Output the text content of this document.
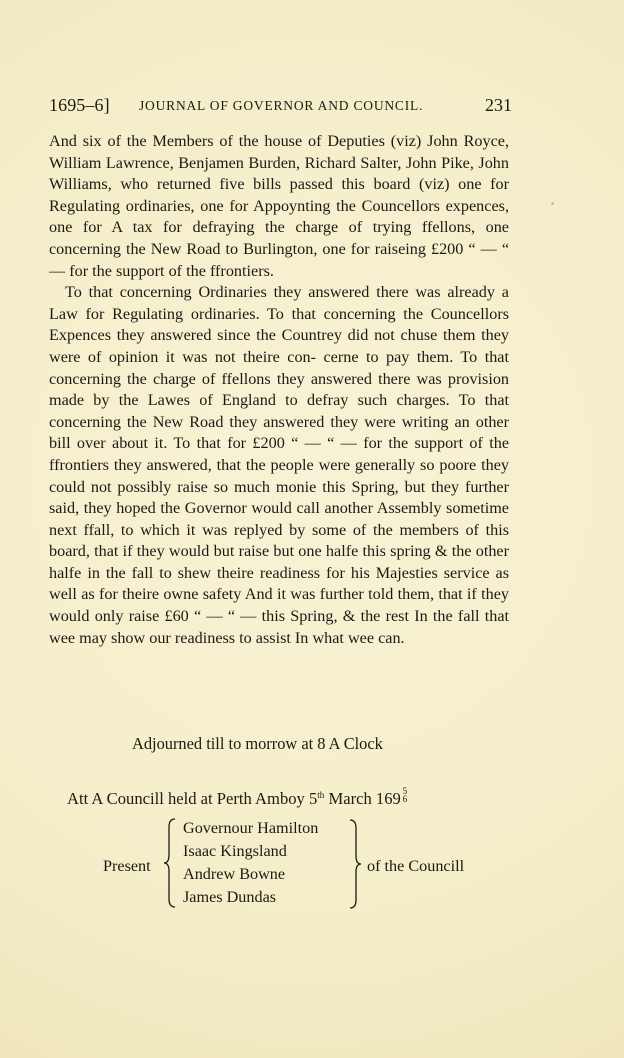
1695–6] JOURNAL OF GOVERNOR AND COUNCIL.	231

And six of the Members of the house of Deputies (viz) John Royce, William Lawrence, Benjamen Burden, Richard Salter, John Pike, John Williams, who returned five bills passed this board (viz) one for Regulating ordinaries, one for Appoynting the Councellors expences, one for A tax for defraying the charge of trying ffellons, one concerning the New Road to Burlington, one for raiseing £200 “ — “ — for the support of the ffrontiers.

To that concerning Ordinaries they answered there was already a Law for Regulating ordinaries. To that concerning the Councellors Expences they answered since the Countrey did not chuse them they were of opinion it was not theire con- cerne to pay them. To that concerning the charge of ffellons they answered there was provision made by the Lawes of England to defray such charges. To that concerning the New Road they answered they were writing an other bill over about it. To that for £200 “ — “ — for the support of the ffrontiers they answered, that the people were generally so poore they could not possibly raise so much monie this Spring, but they further said, they hoped the Governor would call another Assembly sometime next ffall, to which it was replyed by some of the members of this board, that if they would but raise but one halfe this spring & the other halfe in the fall to shew theire readiness for his Majesties service as well as for theire owne safety And it was further told them, that if they would only raise £60 “ — “ — this Spring, & the rest In the fall that wee may show our readiness to assist In what wee can.

Adjourned till to morrow at 8 A Clock
Att A Councill held at Perth Amboy 5th March 169 5
6
Present
Governour Hamilton
Isaac Kingsland
Andrew Bowne
James Dundas
of the Councill
